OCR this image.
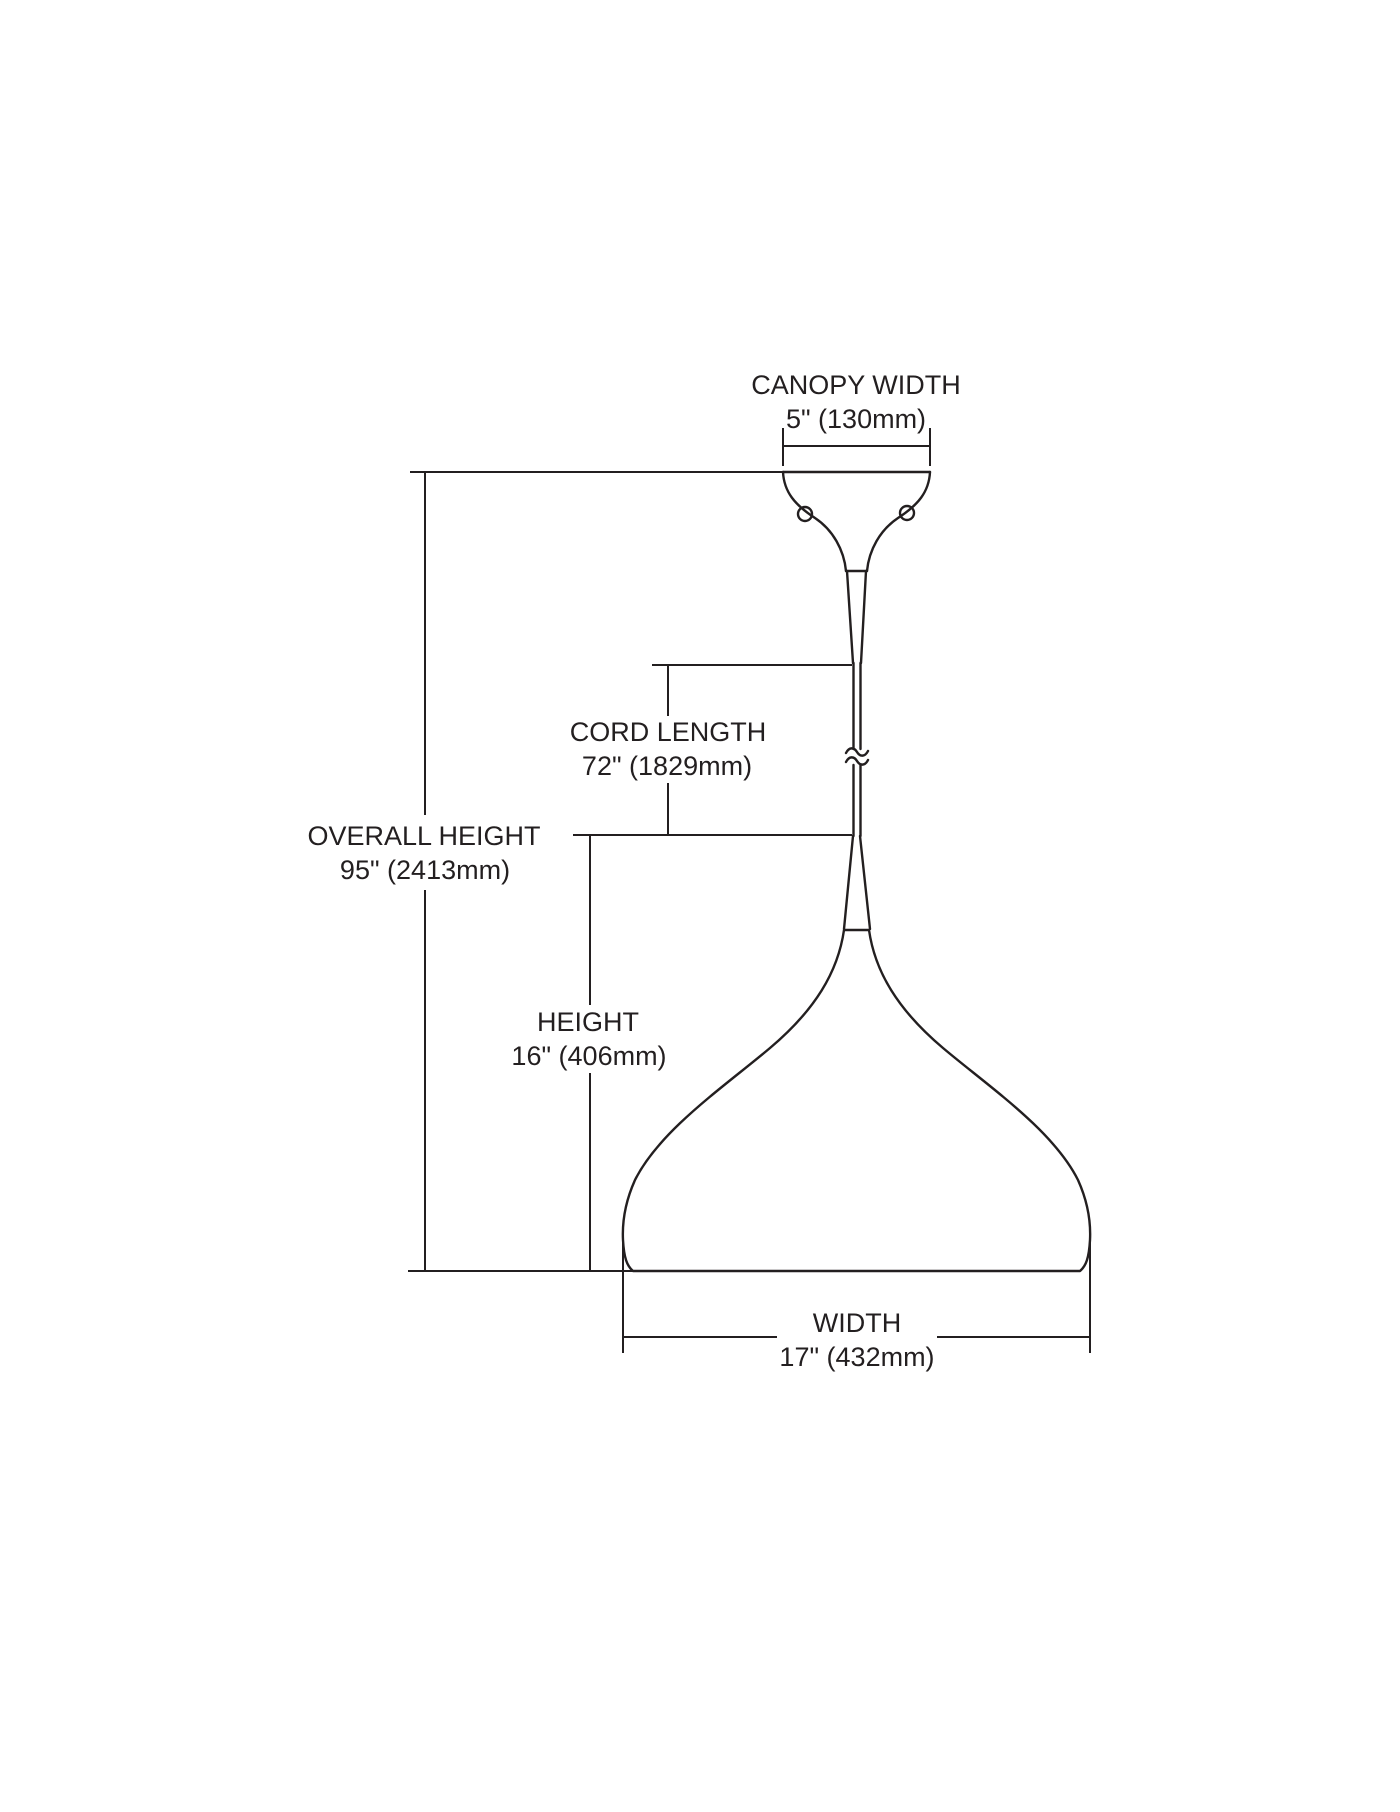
CANOPY WIDTH
5" (130mm)
OVERALL HEIGHT
95" (2413mm)
CORD LENGTH
72" (1829mm)
HEIGHT
16" (406mm)
WIDTH
17" (432mm)
